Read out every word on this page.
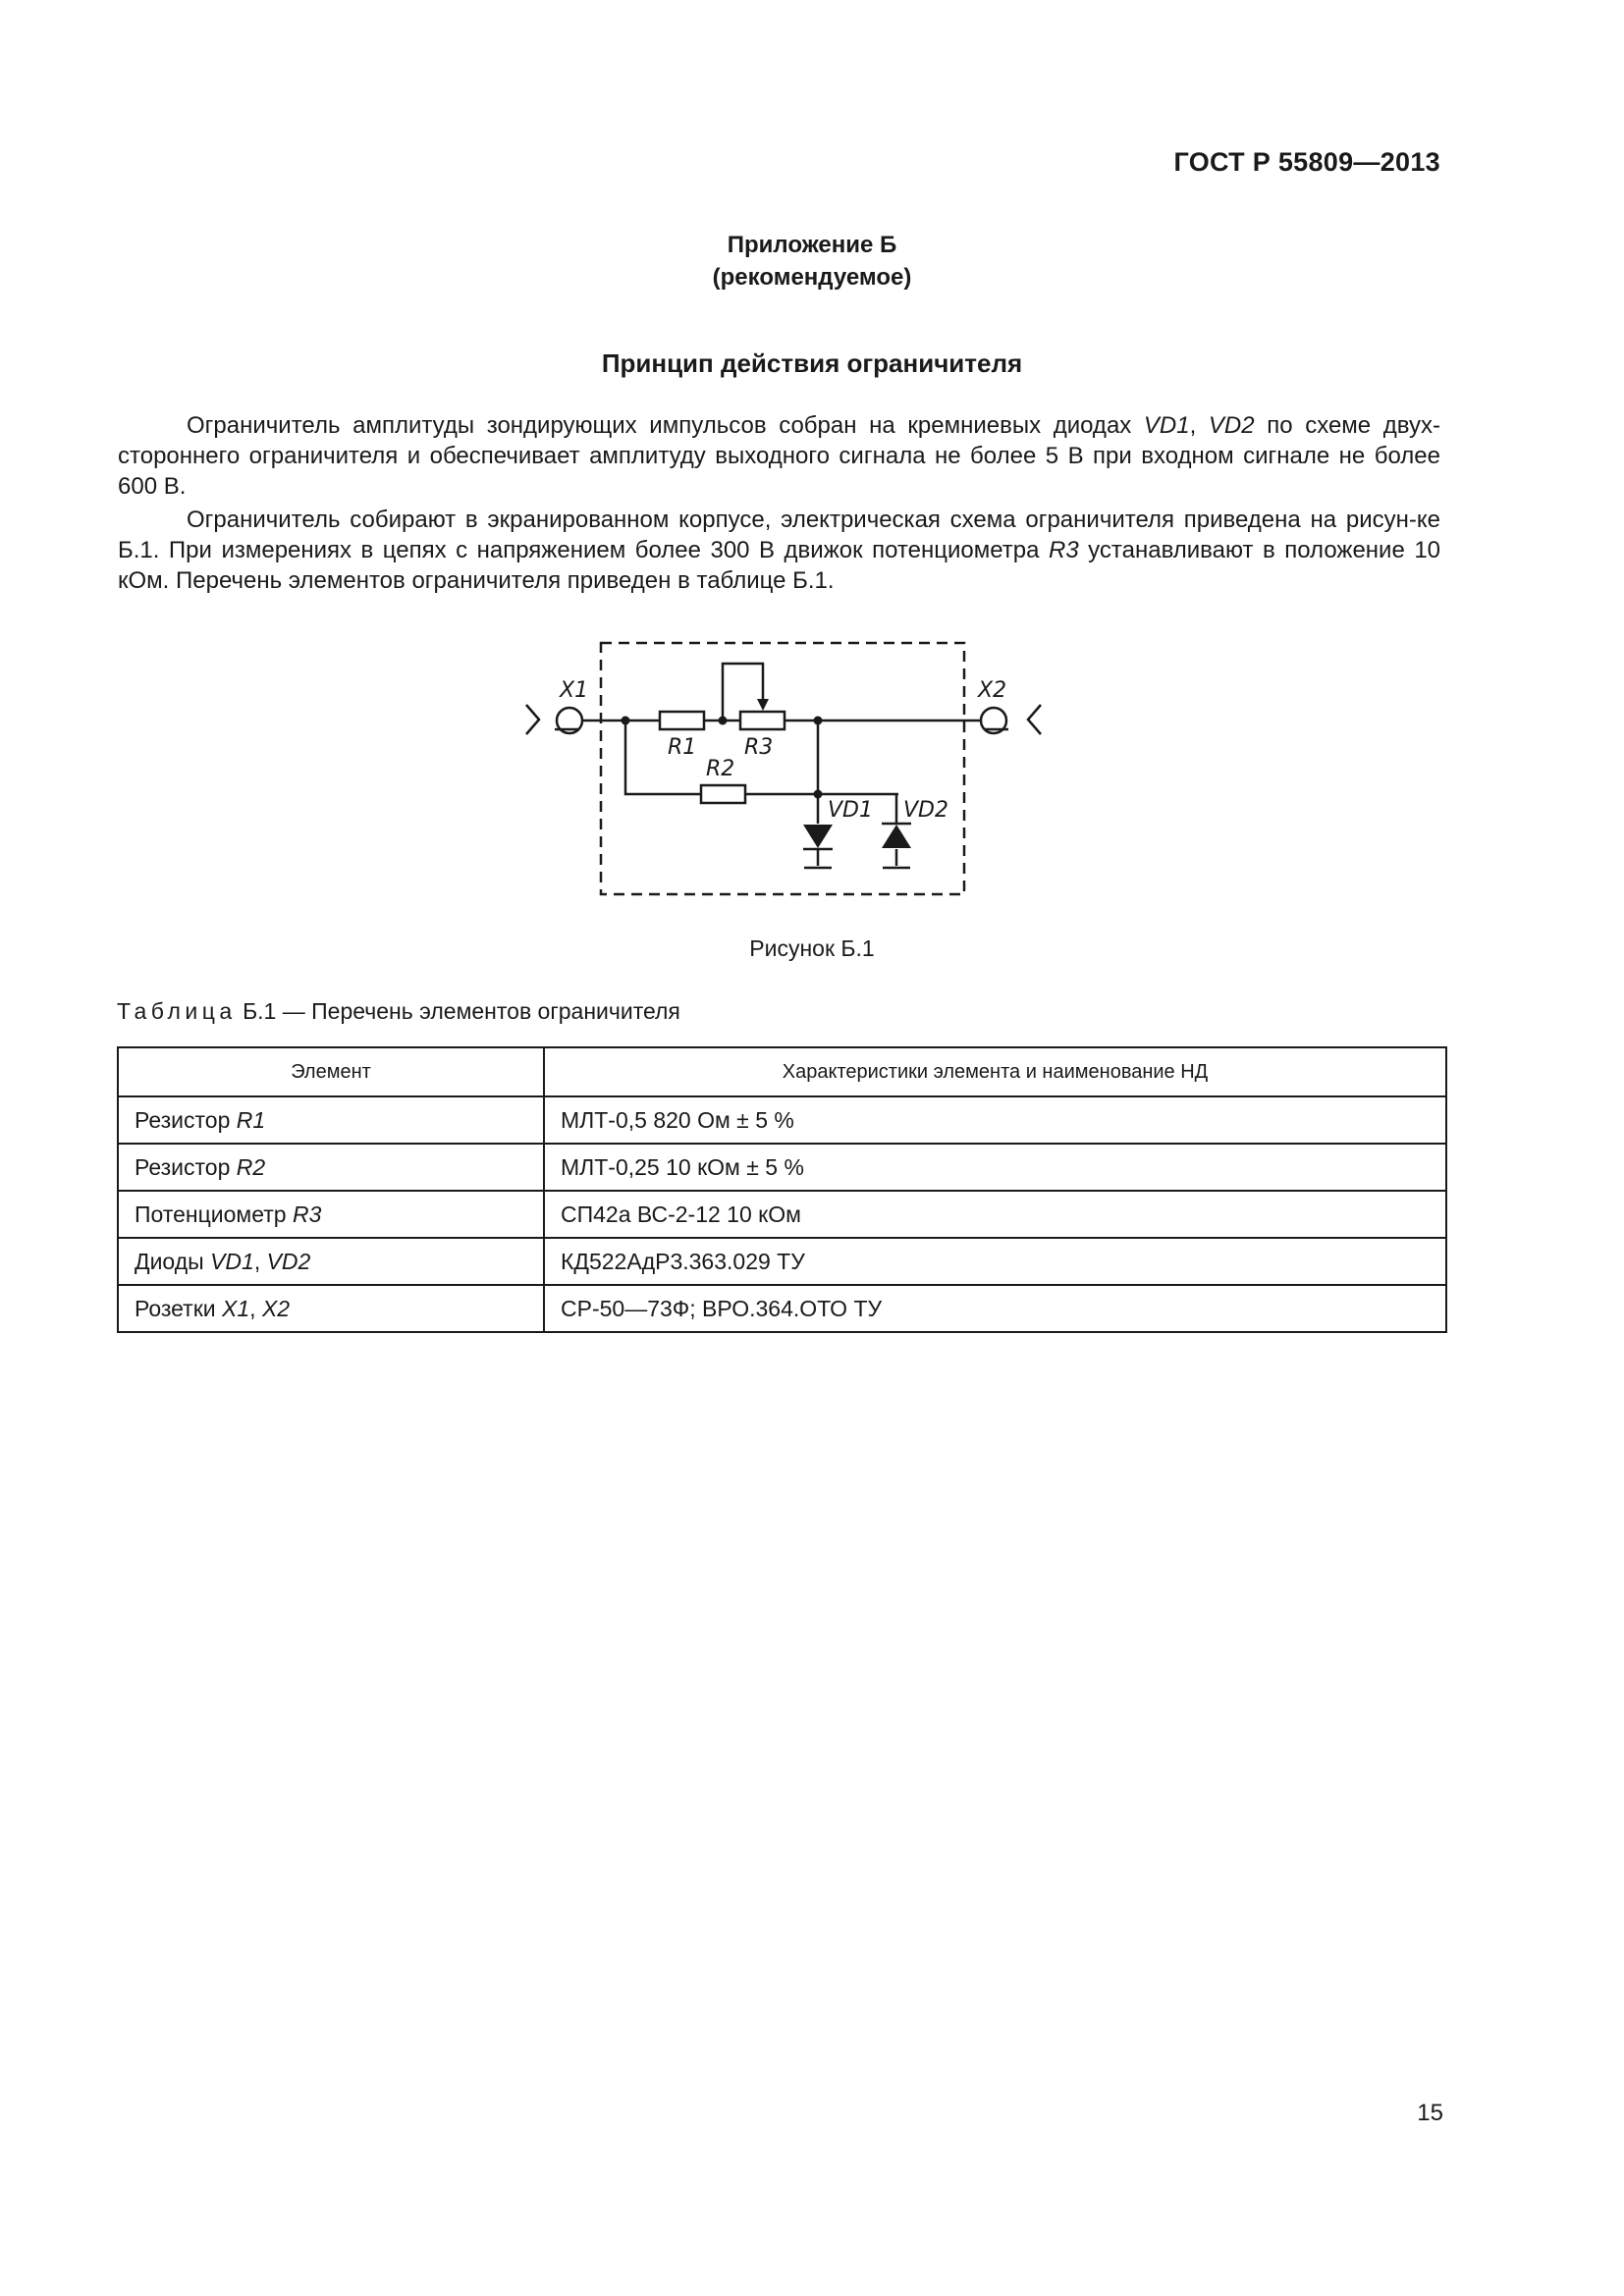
ГОСТ Р 55809—2013
Приложение Б
(рекомендуемое)
Принцип действия ограничителя
Ограничитель амплитуды зондирующих импульсов собран на кремниевых диодах VD1, VD2 по схеме двух-стороннего ограничителя и обеспечивает амплитуду выходного сигнала не более 5 В при входном сигнале не более 600 В.
Ограничитель собирают в экранированном корпусе, электрическая схема ограничителя приведена на рисун-ке Б.1. При измерениях в цепях с напряжением более 300 В движок потенциометра R3 устанавливают в положение 10 кОм. Перечень элементов ограничителя приведен в таблице Б.1.
X1	X2
R1 R3
R2
VD1 VD2
Рисунок Б.1
Таблица Б.1 — Перечень элементов ограничителя
Элемент	Характеристики элемента и наименование НД
Резистор R1	МЛТ-0,5 820 Ом ± 5 %
Резистор R2	МЛТ-0,25 10 кОм ± 5 %
Потенциометр R3	СП42а ВС-2-12 10 кОм
Диоды VD1, VD2	КД522АдР3.363.029 ТУ
Розетки X1, X2	СР-50—73Ф; ВРО.364.ОТО ТУ
15
